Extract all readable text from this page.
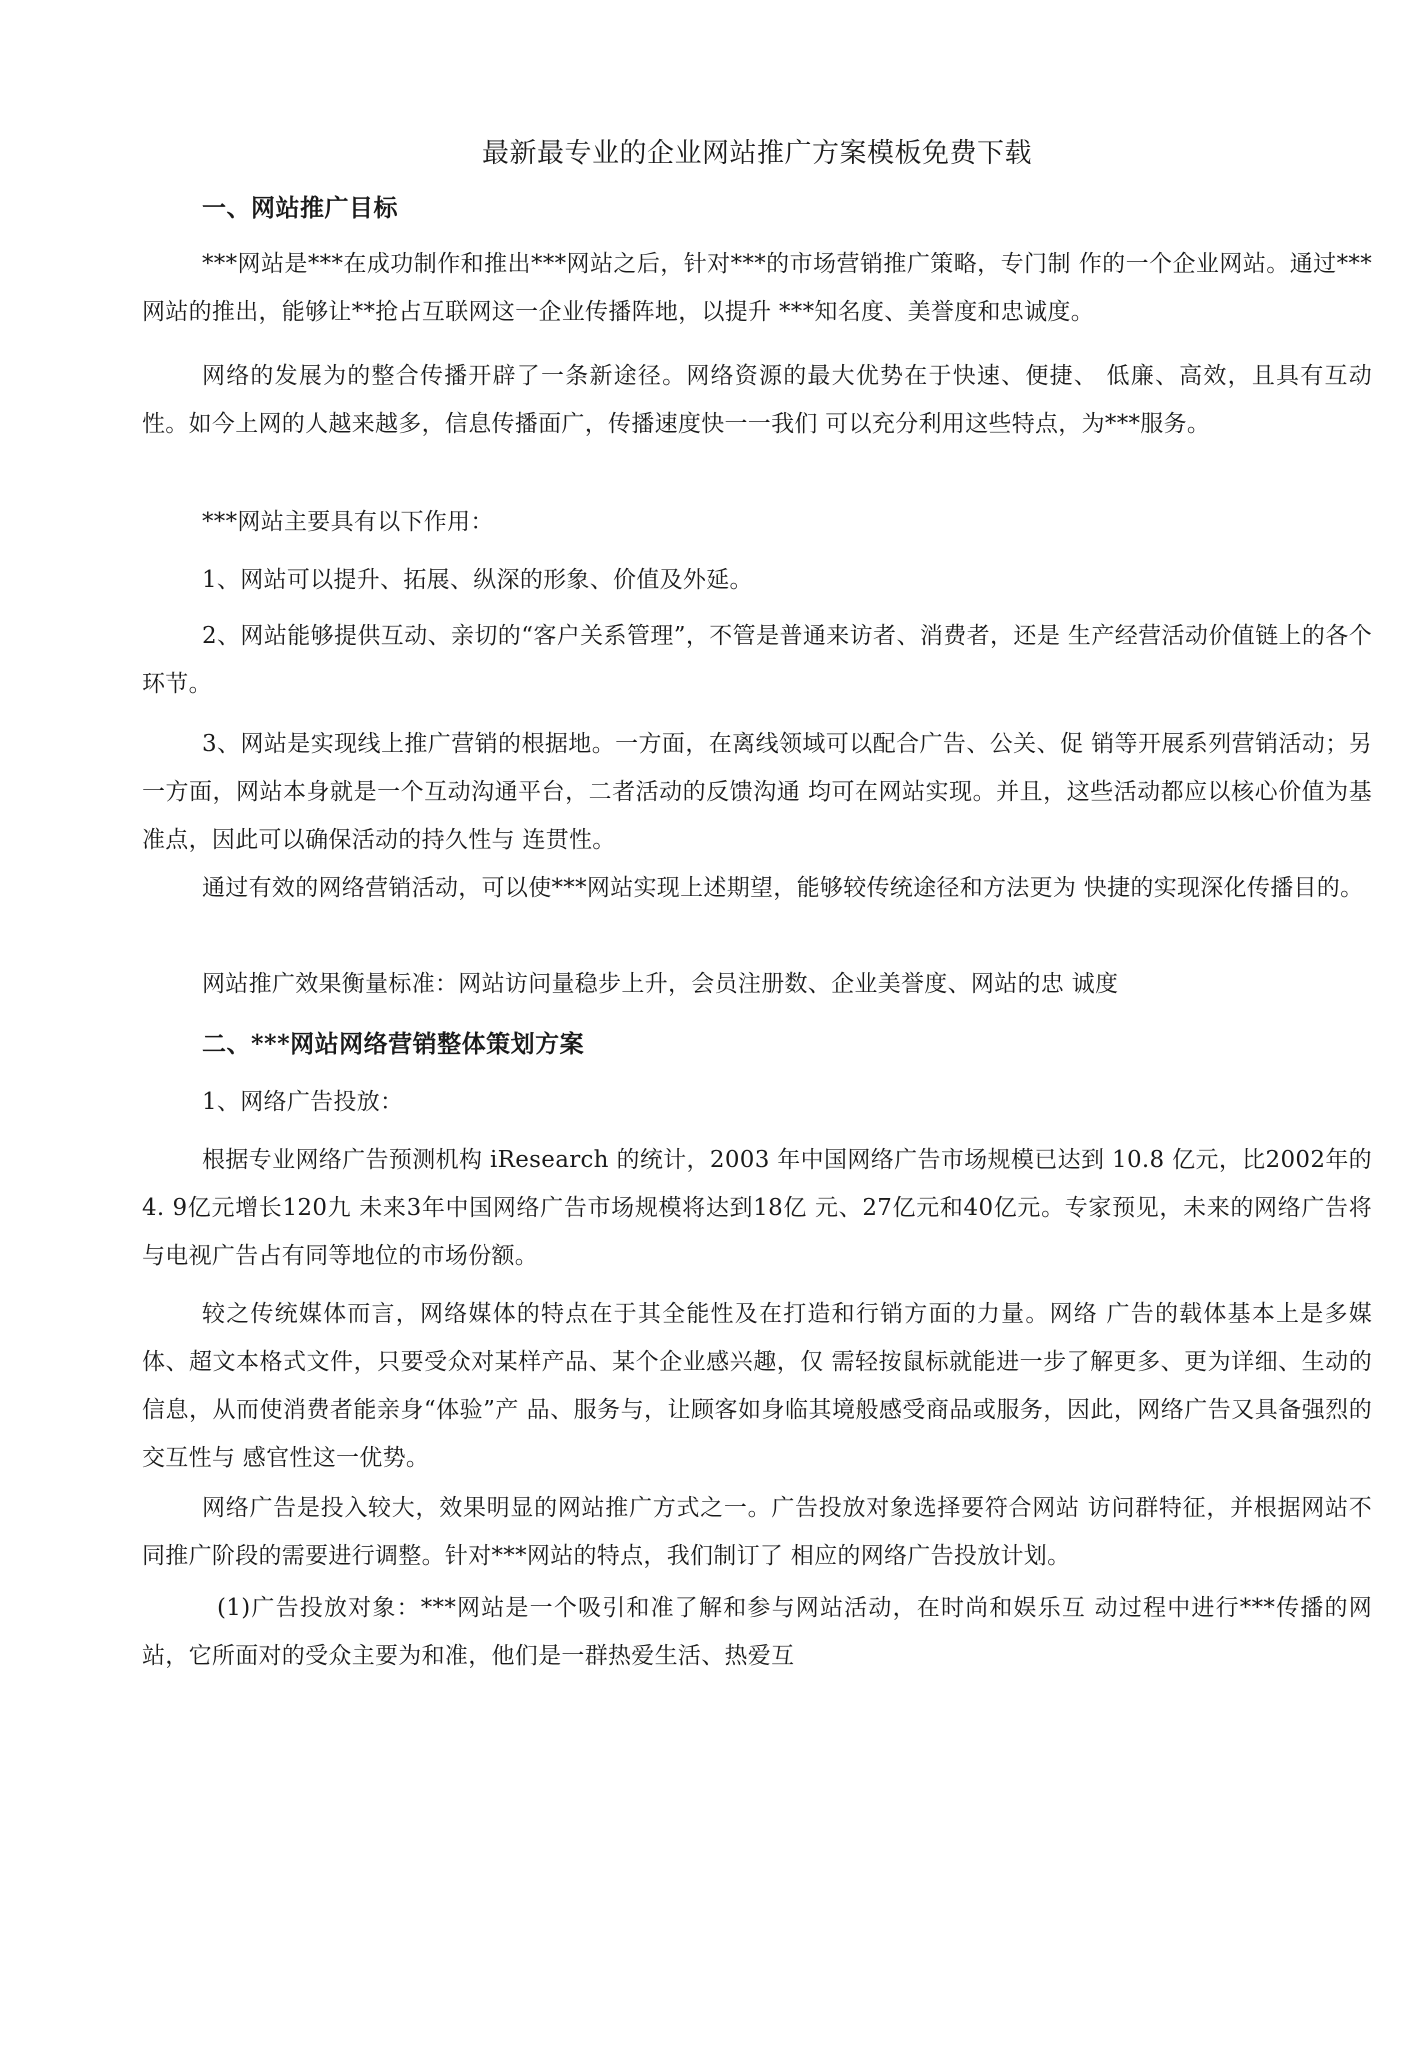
最新最专业的企业网站推广方案模板免费下载
一、网站推广目标
***网站是***在成功制作和推出***网站之后，针对***的市场营销推广策略，专门制 作的一个企业网站。通过***网站的推出，能够让**抢占互联网这一企业传播阵地，以提升 ***知名度、美誉度和忠诚度。
网络的发展为的整合传播开辟了一条新途径。网络资源的最大优势在于快速、便捷、 低廉、高效，且具有互动性。如今上网的人越来越多，信息传播面广，传播速度快一一我们 可以充分利用这些特点，为***服务。
***网站主要具有以下作用：
1、网站可以提升、拓展、纵深的形象、价值及外延。
2、网站能够提供互动、亲切的“客户关系管理”，不管是普通来访者、消费者，还是 生产经营活动价值链上的各个环节。
3、网站是实现线上推广营销的根据地。一方面，在离线领域可以配合广告、公关、促 销等开展系列营销活动；另一方面，网站本身就是一个互动沟通平台，二者活动的反馈沟通 均可在网站实现。并且，这些活动都应以核心价值为基准点，因此可以确保活动的持久性与 连贯性。
通过有效的网络营销活动，可以使***网站实现上述期望，能够较传统途径和方法更为 快捷的实现深化传播目的。
网站推广效果衡量标准：网站访问量稳步上升，会员注册数、企业美誉度、网站的忠 诚度
二、***网站网络营销整体策划方案
1、网络广告投放：
根据专业网络广告预测机构 iResearch 的统计，2003 年中国网络广告市场规模已达到 10.8 亿元，比2002年的4. 9亿元增长120九 未来3年中国网络广告市场规模将达到18亿 元、27亿元和40亿元。专家预见，未来的网络广告将与电视广告占有同等地位的市场份额。
较之传统媒体而言，网络媒体的特点在于其全能性及在打造和行销方面的力量。网络 广告的载体基本上是多媒体、超文本格式文件，只要受众对某样产品、某个企业感兴趣，仅 需轻按鼠标就能进一步了解更多、更为详细、生动的信息，从而使消费者能亲身“体验”产 品、服务与，让顾客如身临其境般感受商品或服务，因此，网络广告又具备强烈的交互性与 感官性这一优势。
网络广告是投入较大，效果明显的网站推广方式之一。广告投放对象选择要符合网站 访问群特征，并根据网站不同推广阶段的需要进行调整。针对***网站的特点，我们制订了 相应的网络广告投放计划。
(1)广告投放对象：***网站是一个吸引和准了解和参与网站活动，在时尚和娱乐互 动过程中进行***传播的网站，它所面对的受众主要为和准，他们是一群热爱生活、热爱互
